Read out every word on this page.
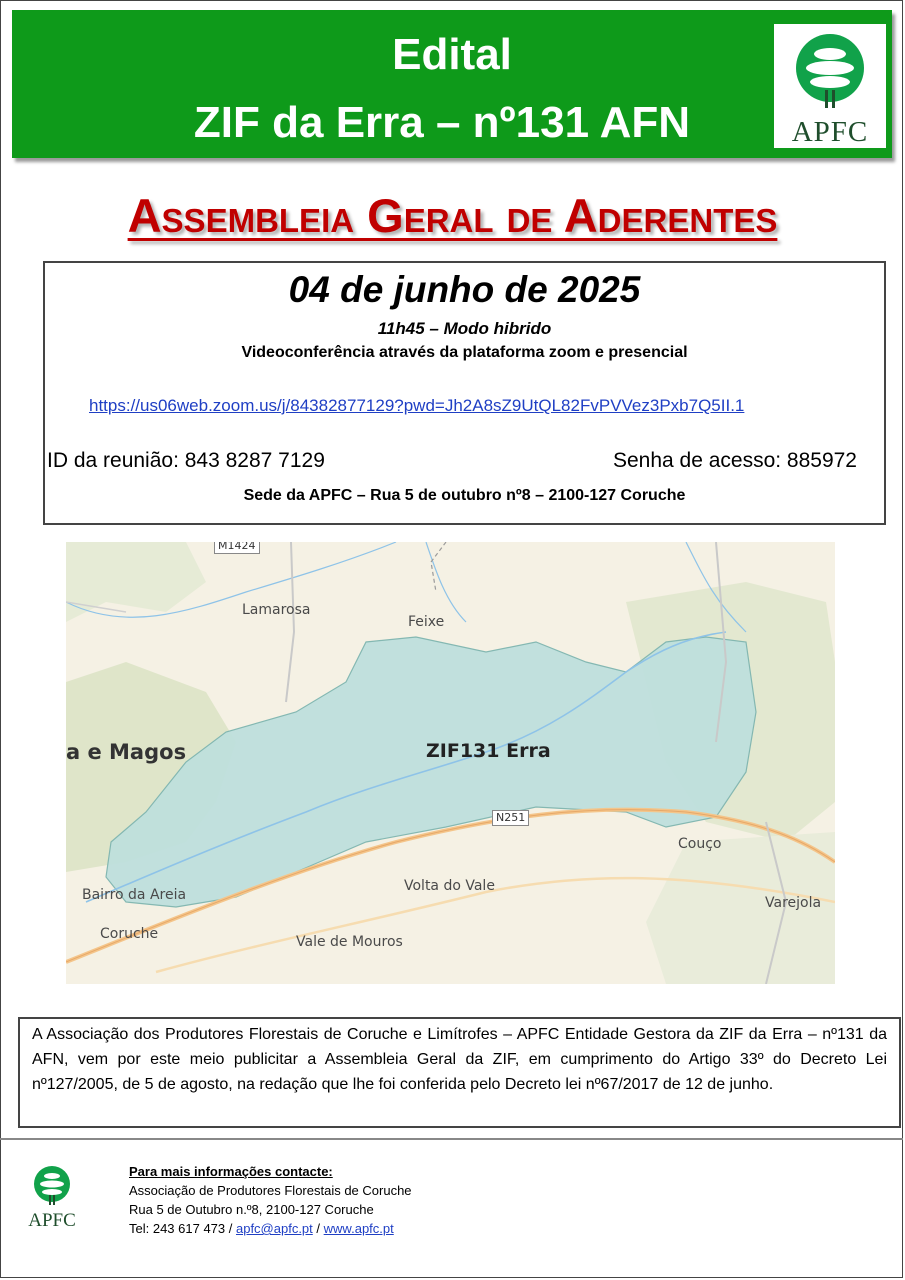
Edital
ZIF da Erra – nº131 AFN	APFC
Assembleia Geral de Aderentes
04 de junho de 2025
11h45 – Modo hibrido
Videoconferência através da plataforma zoom e presencial
https://us06web.zoom.us/j/84382877129?pwd=Jh2A8sZ9UtQL82FvPVVez3Pxb7Q5II.1
ID da reunião: 843 8287 7129	Senha de acesso: 885972
Sede da APFC – Rua 5 de outubro nº8 – 2100-127 Coruche
M1424
N251
Lamarosa
Feixe
a e Magos	ZIF131 Erra
Bairro da Areia
Coruche
Volta do Vale
Vale de Mouros
Couço
Varejola
A Associação dos Produtores Florestais de Coruche e Limítrofes – APFC Entidade Gestora da ZIF da Erra – nº131 da AFN, vem por este meio publicitar a Assembleia Geral da ZIF, em cumprimento do Artigo 33º do Decreto Lei nº127/2005, de 5 de agosto, na redação que lhe foi conferida pelo Decreto lei nº67/2017 de 12 de junho.
APFC
Para mais informações contacte:
Associação de Produtores Florestais de Coruche
Rua 5 de Outubro n.º8, 2100-127 Coruche
Tel: 243 617 473 / apfc@apfc.pt / www.apfc.pt
